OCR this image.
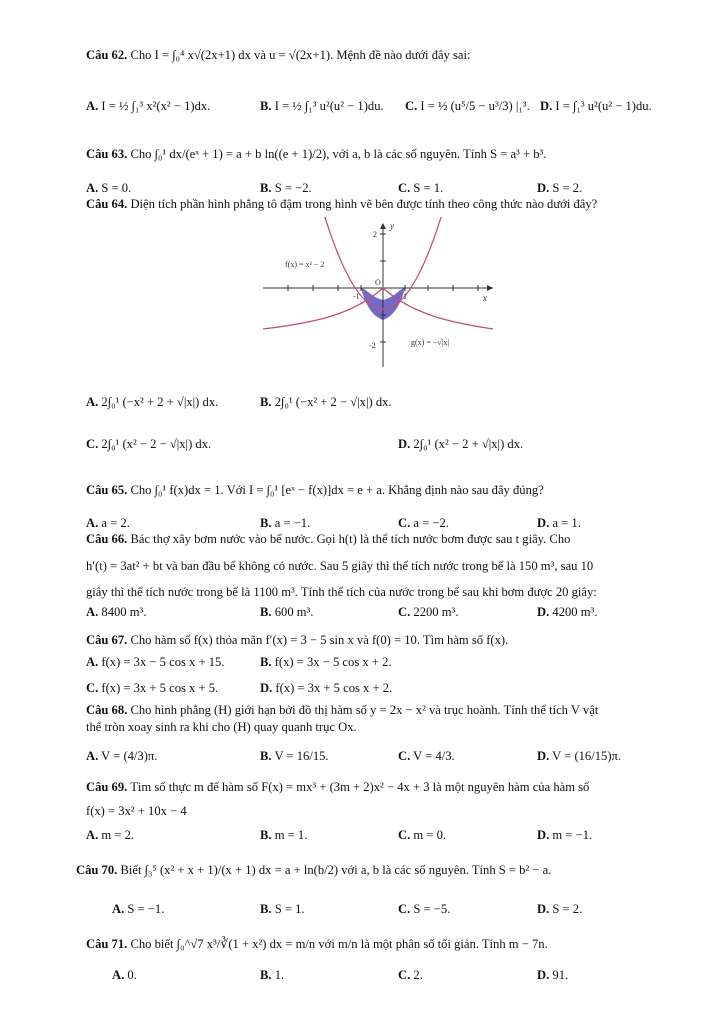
Câu 62. Cho I = ∫₀⁴ x√(2x+1) dx và u = √(2x+1). Mệnh đề nào dưới đây sai:
A. I = ½ ∫₁³ x²(x² − 1)dx.	B. I = ½ ∫₁³ u²(u² − 1)du. C. I = ½ (u⁵/5 − u³/3) |₁³. D. I = ∫₁³ u²(u² − 1)du.
Câu 63. Cho ∫₀¹ dx/(eˣ + 1) = a + b ln((e + 1)/2), với a, b là các số nguyên. Tính S = a³ + b³.
A. S = 0.	B. S = −2.	C. S = 1.	D. S = 2.
Câu 64. Diện tích phần hình phẳng tô đậm trong hình vẽ bên được tính theo công thức nào dưới đây?
2
-2
-1	1
O
y
x
f(x) = x² − 2
g(x) = −√|x|
A. 2∫₀¹ (−x² + 2 + √|x|) dx.	B. 2∫₀¹ (−x² + 2 − √|x|) dx.
C. 2∫₀¹ (x² − 2 − √|x|) dx.	D. 2∫₀¹ (x² − 2 + √|x|) dx.
Câu 65. Cho ∫₀¹ f(x)dx = 1. Với I = ∫₀¹ [eˣ − f(x)]dx = e + a. Khẳng định nào sau đây đúng?
A. a = 2.	B. a = −1.	C. a = −2.	D. a = 1.
Câu 66. Bác thợ xây bơm nước vào bể nước. Gọi h(t) là thể tích nước bơm được sau t giây. Cho
h′(t) = 3at² + bt và ban đầu bể không có nước. Sau 5 giây thì thể tích nước trong bể là 150 m³, sau 10
giây thì thể tích nước trong bể là 1100 m³. Tính thể tích của nước trong bể sau khi bơm được 20 giây:
A. 8400 m³.	B. 600 m³.	C. 2200 m³.	D. 4200 m³.
Câu 67. Cho hàm số f(x) thỏa mãn f′(x) = 3 − 5 sin x và f(0) = 10. Tìm hàm số f(x).
A. f(x) = 3x − 5 cos x + 15.	B. f(x) = 3x − 5 cos x + 2.
C. f(x) = 3x + 5 cos x + 5.	D. f(x) = 3x + 5 cos x + 2.
Câu 68. Cho hình phẳng (H) giới hạn bởi đồ thị hàm số y = 2x − x² và trục hoành. Tính thể tích V vật
thể tròn xoay sinh ra khi cho (H) quay quanh trục Ox.
A. V = (4/3)π.	B. V = 16/15.	C. V = 4/3.	D. V = (16/15)π.
Câu 69. Tìm số thực m để hàm số F(x) = mx³ + (3m + 2)x² − 4x + 3 là một nguyên hàm của hàm số
f(x) = 3x² + 10x − 4
A. m = 2.	B. m = 1.	C. m = 0.	D. m = −1.
Câu 70. Biết ∫₃⁵ (x² + x + 1)/(x + 1) dx = a + ln(b/2) với a, b là các số nguyên. Tính S = b² − a.
A. S = −1.	B. S = 1.	C. S = −5.	D. S = 2.
Câu 71. Cho biết ∫₀^√7 x³/∛(1 + x²) dx = m/n với m/n là một phân số tối giản. Tính m − 7n.
A. 0.	B. 1.	C. 2.	D. 91.
